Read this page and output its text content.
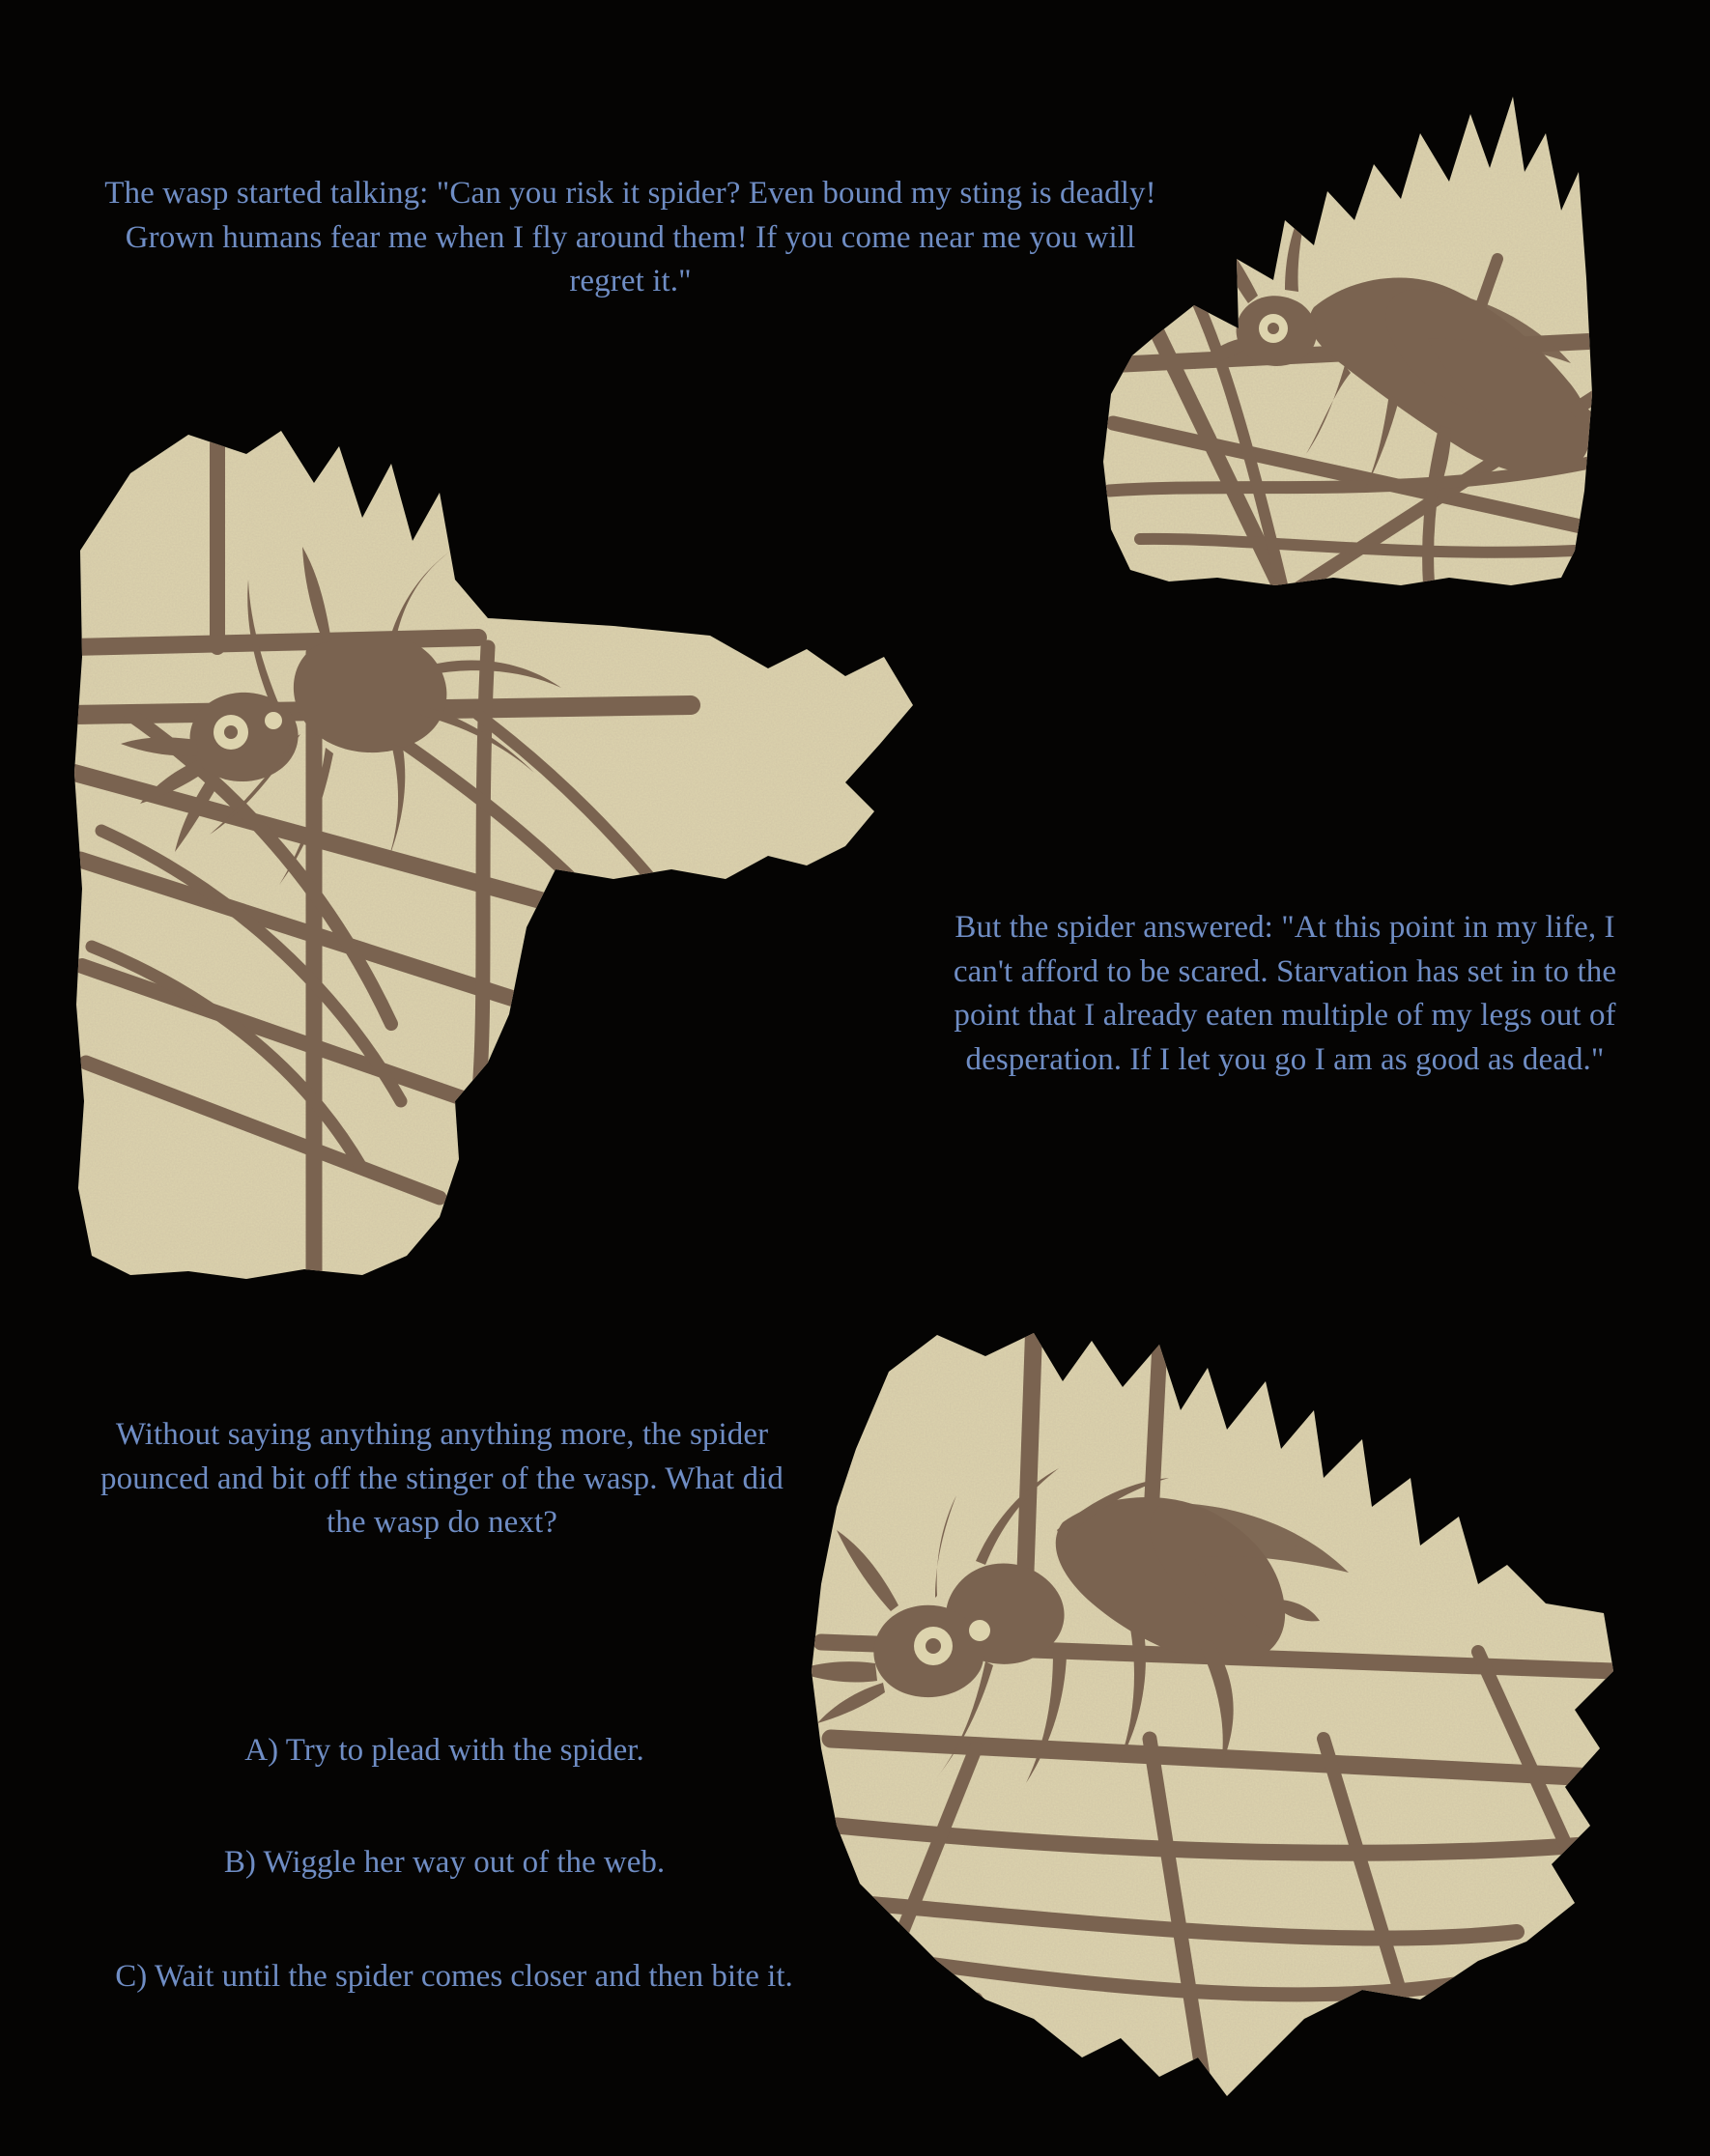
The wasp started talking: "Can you risk it spider? Even bound my sting is deadly! Grown humans fear me when I fly around them! If you come near me you will regret it."
But the spider answered: "At this point in my life, I can't afford to be scared. Starvation has set in to the point that I already eaten multiple of my legs out of desperation. If I let you go I am as good as dead."
Without saying anything anything more, the spider pounced and bit off the stinger of the wasp. What did the wasp do next?
A) Try to plead with the spider.
B) Wiggle her way out of the web.
C) Wait until the spider comes closer and then bite it.
